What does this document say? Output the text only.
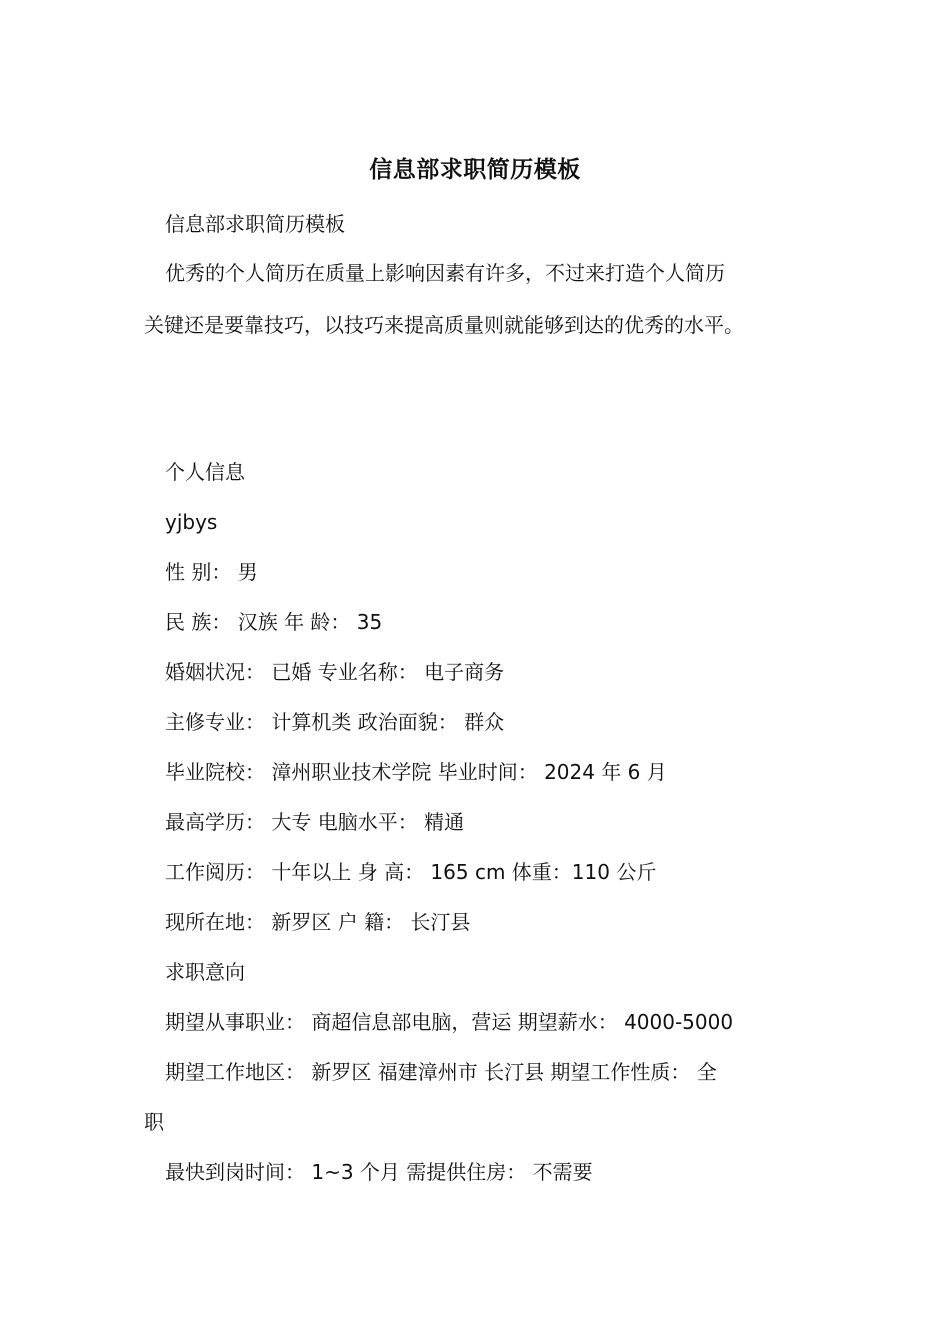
信息部求职简历模板
信息部求职简历模板
优秀的个人简历在质量上影响因素有许多，不过来打造个人简历
关键还是要靠技巧，以技巧来提高质量则就能够到达的优秀的水平。
个人信息
yjbys
性 别： 男
民 族： 汉族 年 龄： 35
婚姻状况： 已婚 专业名称： 电子商务
主修专业： 计算机类 政治面貌： 群众
毕业院校： 漳州职业技术学院 毕业时间： 2024 年 6 月
最高学历： 大专 电脑水平： 精通
工作阅历： 十年以上 身 高： 165 cm 体重：110 公斤
现所在地： 新罗区 户 籍： 长汀县
求职意向
期望从事职业： 商超信息部电脑，营运 期望薪水： 4000-5000
期望工作地区： 新罗区 福建漳州市 长汀县 期望工作性质： 全
职
最快到岗时间： 1~3 个月 需提供住房： 不需要
